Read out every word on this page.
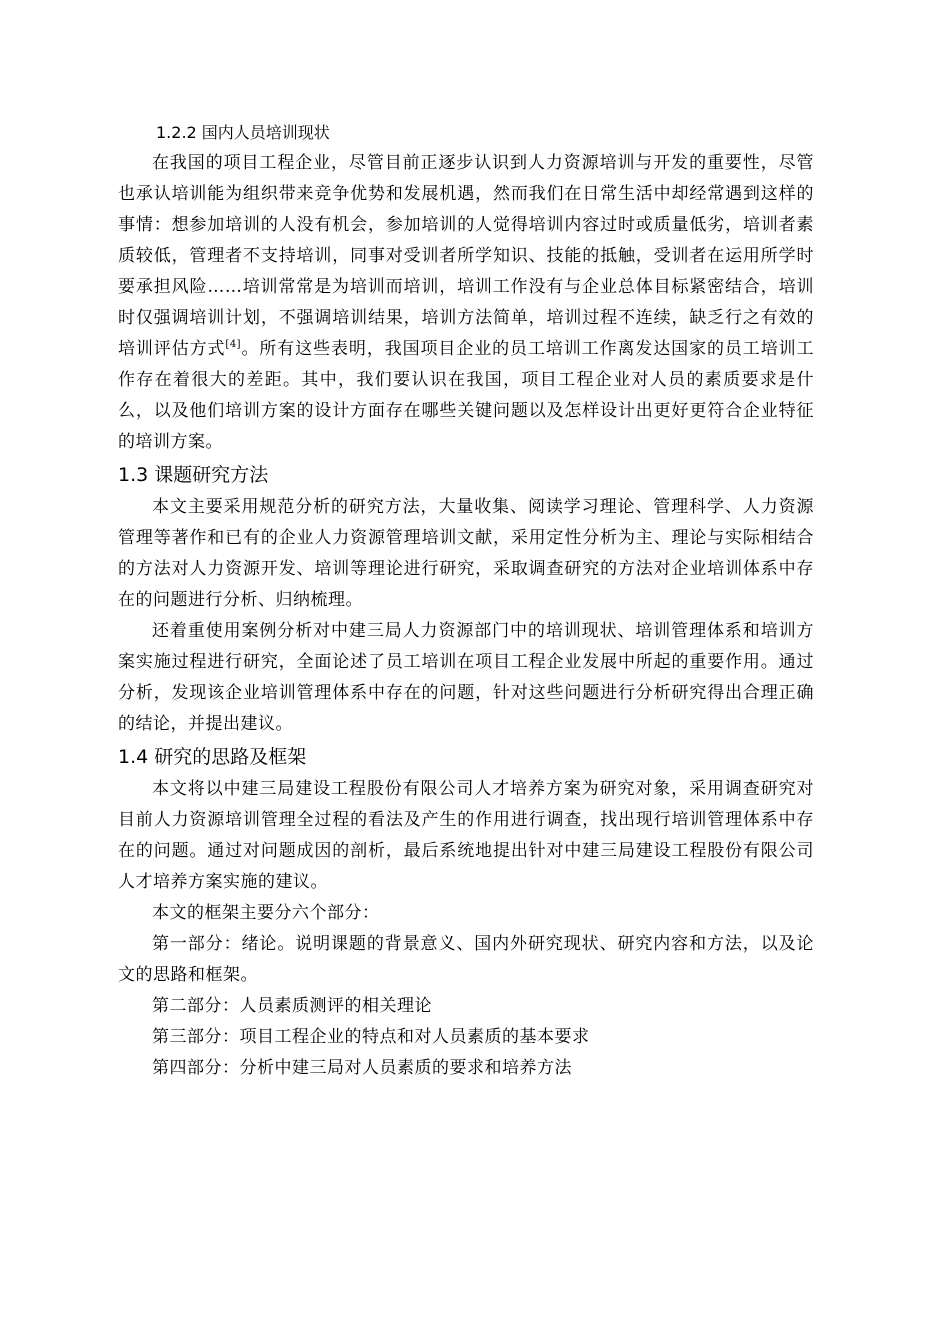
1.2.2 国内人员培训现状

在我国的项目工程企业，尽管目前正逐步认识到人力资源培训与开发的重要性，尽管也承认培训能为组织带来竞争优势和发展机遇，然而我们在日常生活中却经常遇到这样的事情：想参加培训的人没有机会，参加培训的人觉得培训内容过时或质量低劣，培训者素质较低，管理者不支持培训，同事对受训者所学知识、技能的抵触，受训者在运用所学时要承担风险……培训常常是为培训而培训，培训工作没有与企业总体目标紧密结合，培训时仅强调培训计划，不强调培训结果，培训方法简单，培训过程不连续，缺乏行之有效的培训评估方式[4]。所有这些表明，我国项目企业的员工培训工作离发达国家的员工培训工作存在着很大的差距。其中，我们要认识在我国，项目工程企业对人员的素质要求是什么，以及他们培训方案的设计方面存在哪些关键问题以及怎样设计出更好更符合企业特征的培训方案。

1.3 课题研究方法

本文主要采用规范分析的研究方法，大量收集、阅读学习理论、管理科学、人力资源管理等著作和已有的企业人力资源管理培训文献，采用定性分析为主、理论与实际相结合的方法对人力资源开发、培训等理论进行研究，采取调查研究的方法对企业培训体系中存在的问题进行分析、归纳梳理。

还着重使用案例分析对中建三局人力资源部门中的培训现状、培训管理体系和培训方案实施过程进行研究，全面论述了员工培训在项目工程企业发展中所起的重要作用。通过分析，发现该企业培训管理体系中存在的问题，针对这些问题进行分析研究得出合理正确的结论，并提出建议。

1.4 研究的思路及框架

本文将以中建三局建设工程股份有限公司人才培养方案为研究对象，采用调查研究对目前人力资源培训管理全过程的看法及产生的作用进行调查，找出现行培训管理体系中存在的问题。通过对问题成因的剖析，最后系统地提出针对中建三局建设工程股份有限公司人才培养方案实施的建议。

本文的框架主要分六个部分：

第一部分：绪论。说明课题的背景意义、国内外研究现状、研究内容和方法，以及论文的思路和框架。

第二部分：人员素质测评的相关理论

第三部分：项目工程企业的特点和对人员素质的基本要求

第四部分：分析中建三局对人员素质的要求和培养方法
